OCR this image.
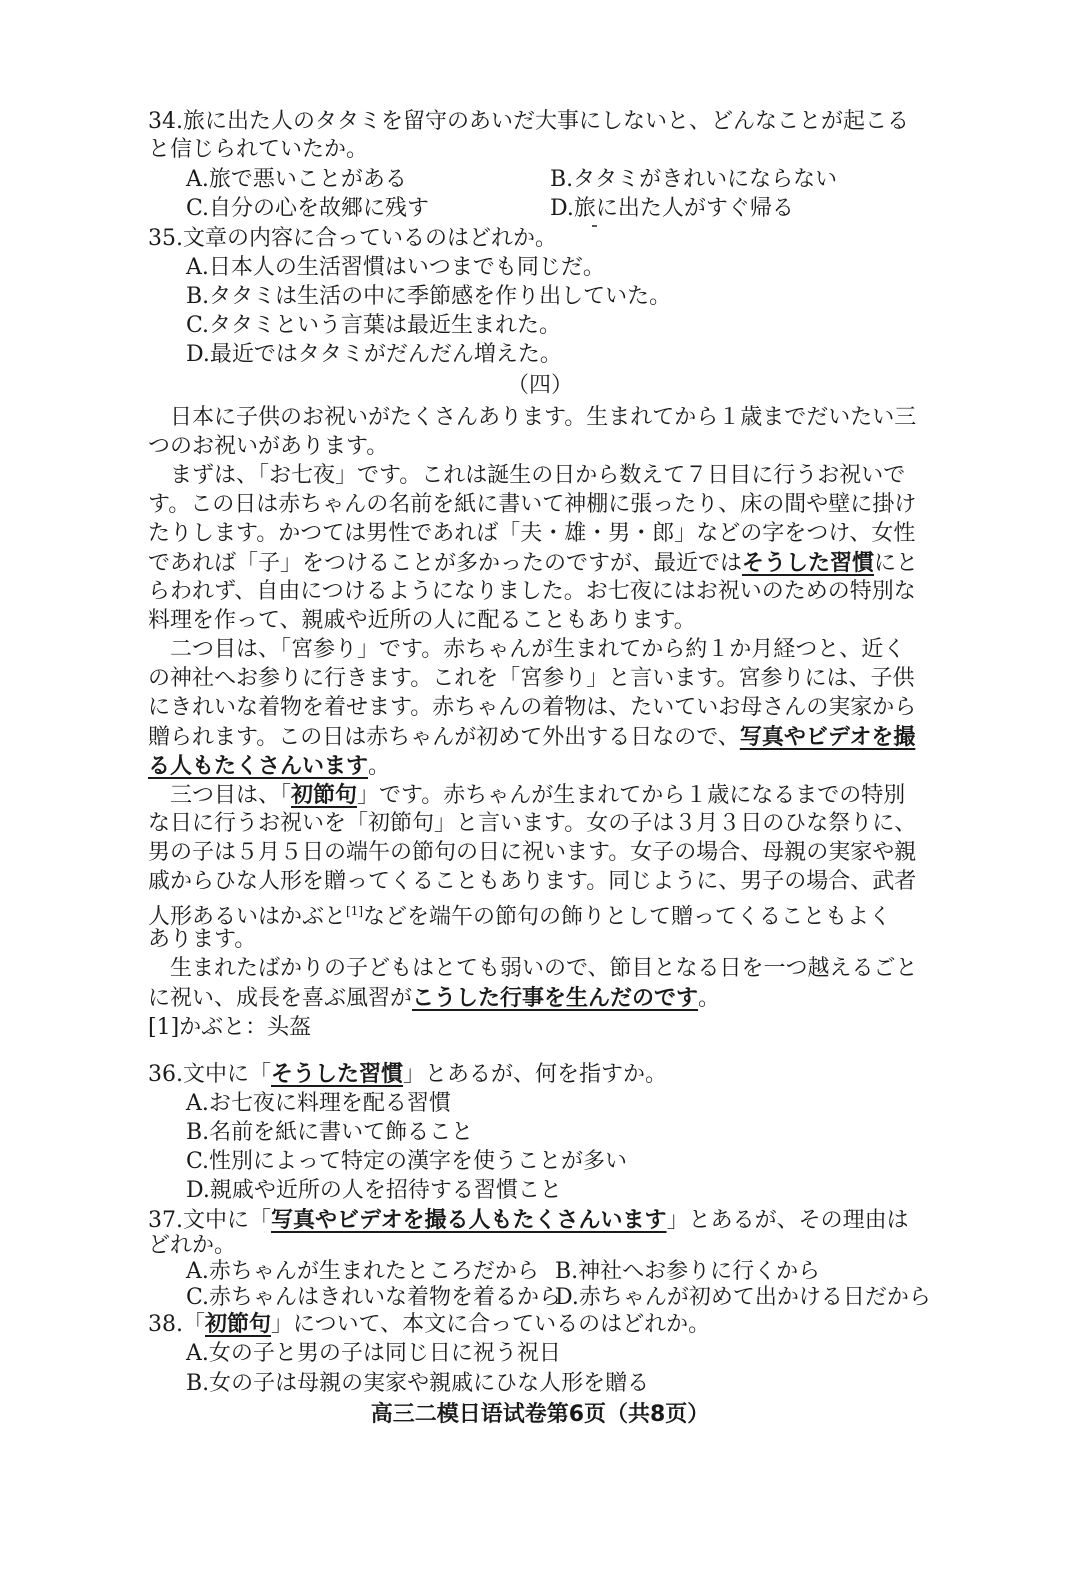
34.旅に出た人のタタミを留守のあいだ大事にしないと、どんなことが起こる
と信じられていたか。
A.旅で悪いことがある	B.タタミがきれいにならない
C.自分の心を故郷に残す	D.旅に出た人がすぐ帰る
35.文章の内容に合っているのはどれか。
A.日本人の生活習慣はいつまでも同じだ。
B.タタミは生活の中に季節感を作り出していた。
C.タタミという言葉は最近生まれた。
D.最近ではタタミがだんだん増えた。
（四）
日本に子供のお祝いがたくさんあります。生まれてから１歳までだいたい三
つのお祝いがあります。
まずは、「お七夜」です。これは誕生の日から数えて７日目に行うお祝いで
す。この日は赤ちゃんの名前を紙に書いて神棚に張ったり、床の間や壁に掛け
たりします。かつては男性であれば「夫・雄・男・郎」などの字をつけ、女性
であれば「子」をつけることが多かったのですが、最近ではそうした習慣にと
らわれず、自由につけるようになりました。お七夜にはお祝いのための特別な
料理を作って、親戚や近所の人に配ることもあります。
二つ目は、「宮参り」です。赤ちゃんが生まれてから約１か月経つと、近く
の神社へお参りに行きます。これを「宮参り」と言います。宮参りには、子供
にきれいな着物を着せます。赤ちゃんの着物は、たいていお母さんの実家から
贈られます。この日は赤ちゃんが初めて外出する日なので、写真やビデオを撮
る人もたくさんいます。
三つ目は、「初節句」です。赤ちゃんが生まれてから１歳になるまでの特別
な日に行うお祝いを「初節句」と言います。女の子は３月３日のひな祭りに、
男の子は５月５日の端午の節句の日に祝います。女子の場合、母親の実家や親
戚からひな人形を贈ってくることもあります。同じように、男子の場合、武者
人形あるいはかぶと[1]などを端午の節句の飾りとして贈ってくることもよく
あります。
生まれたばかりの子どもはとても弱いので、節目となる日を一つ越えるごと
に祝い、成長を喜ぶ風習がこうした行事を生んだのです。
[1]かぶと：头盔
36.文中に「そうした習慣」とあるが、何を指すか。
A.お七夜に料理を配る習慣
B.名前を紙に書いて飾ること
C.性別によって特定の漢字を使うことが多い
D.親戚や近所の人を招待する習慣こと
37.文中に「写真やビデオを撮る人もたくさんいます」とあるが、その理由は
どれか。
A.赤ちゃんが生まれたところだから B.神社へお参りに行くから
C.赤ちゃんはきれいな着物を着るから
D.赤ちゃんが初めて出かける日だから
38.「初節句」について、本文に合っているのはどれか。
A.女の子と男の子は同じ日に祝う祝日
B.女の子は母親の実家や親戚にひな人形を贈る
高三二模日语试卷第6页（共8页）
